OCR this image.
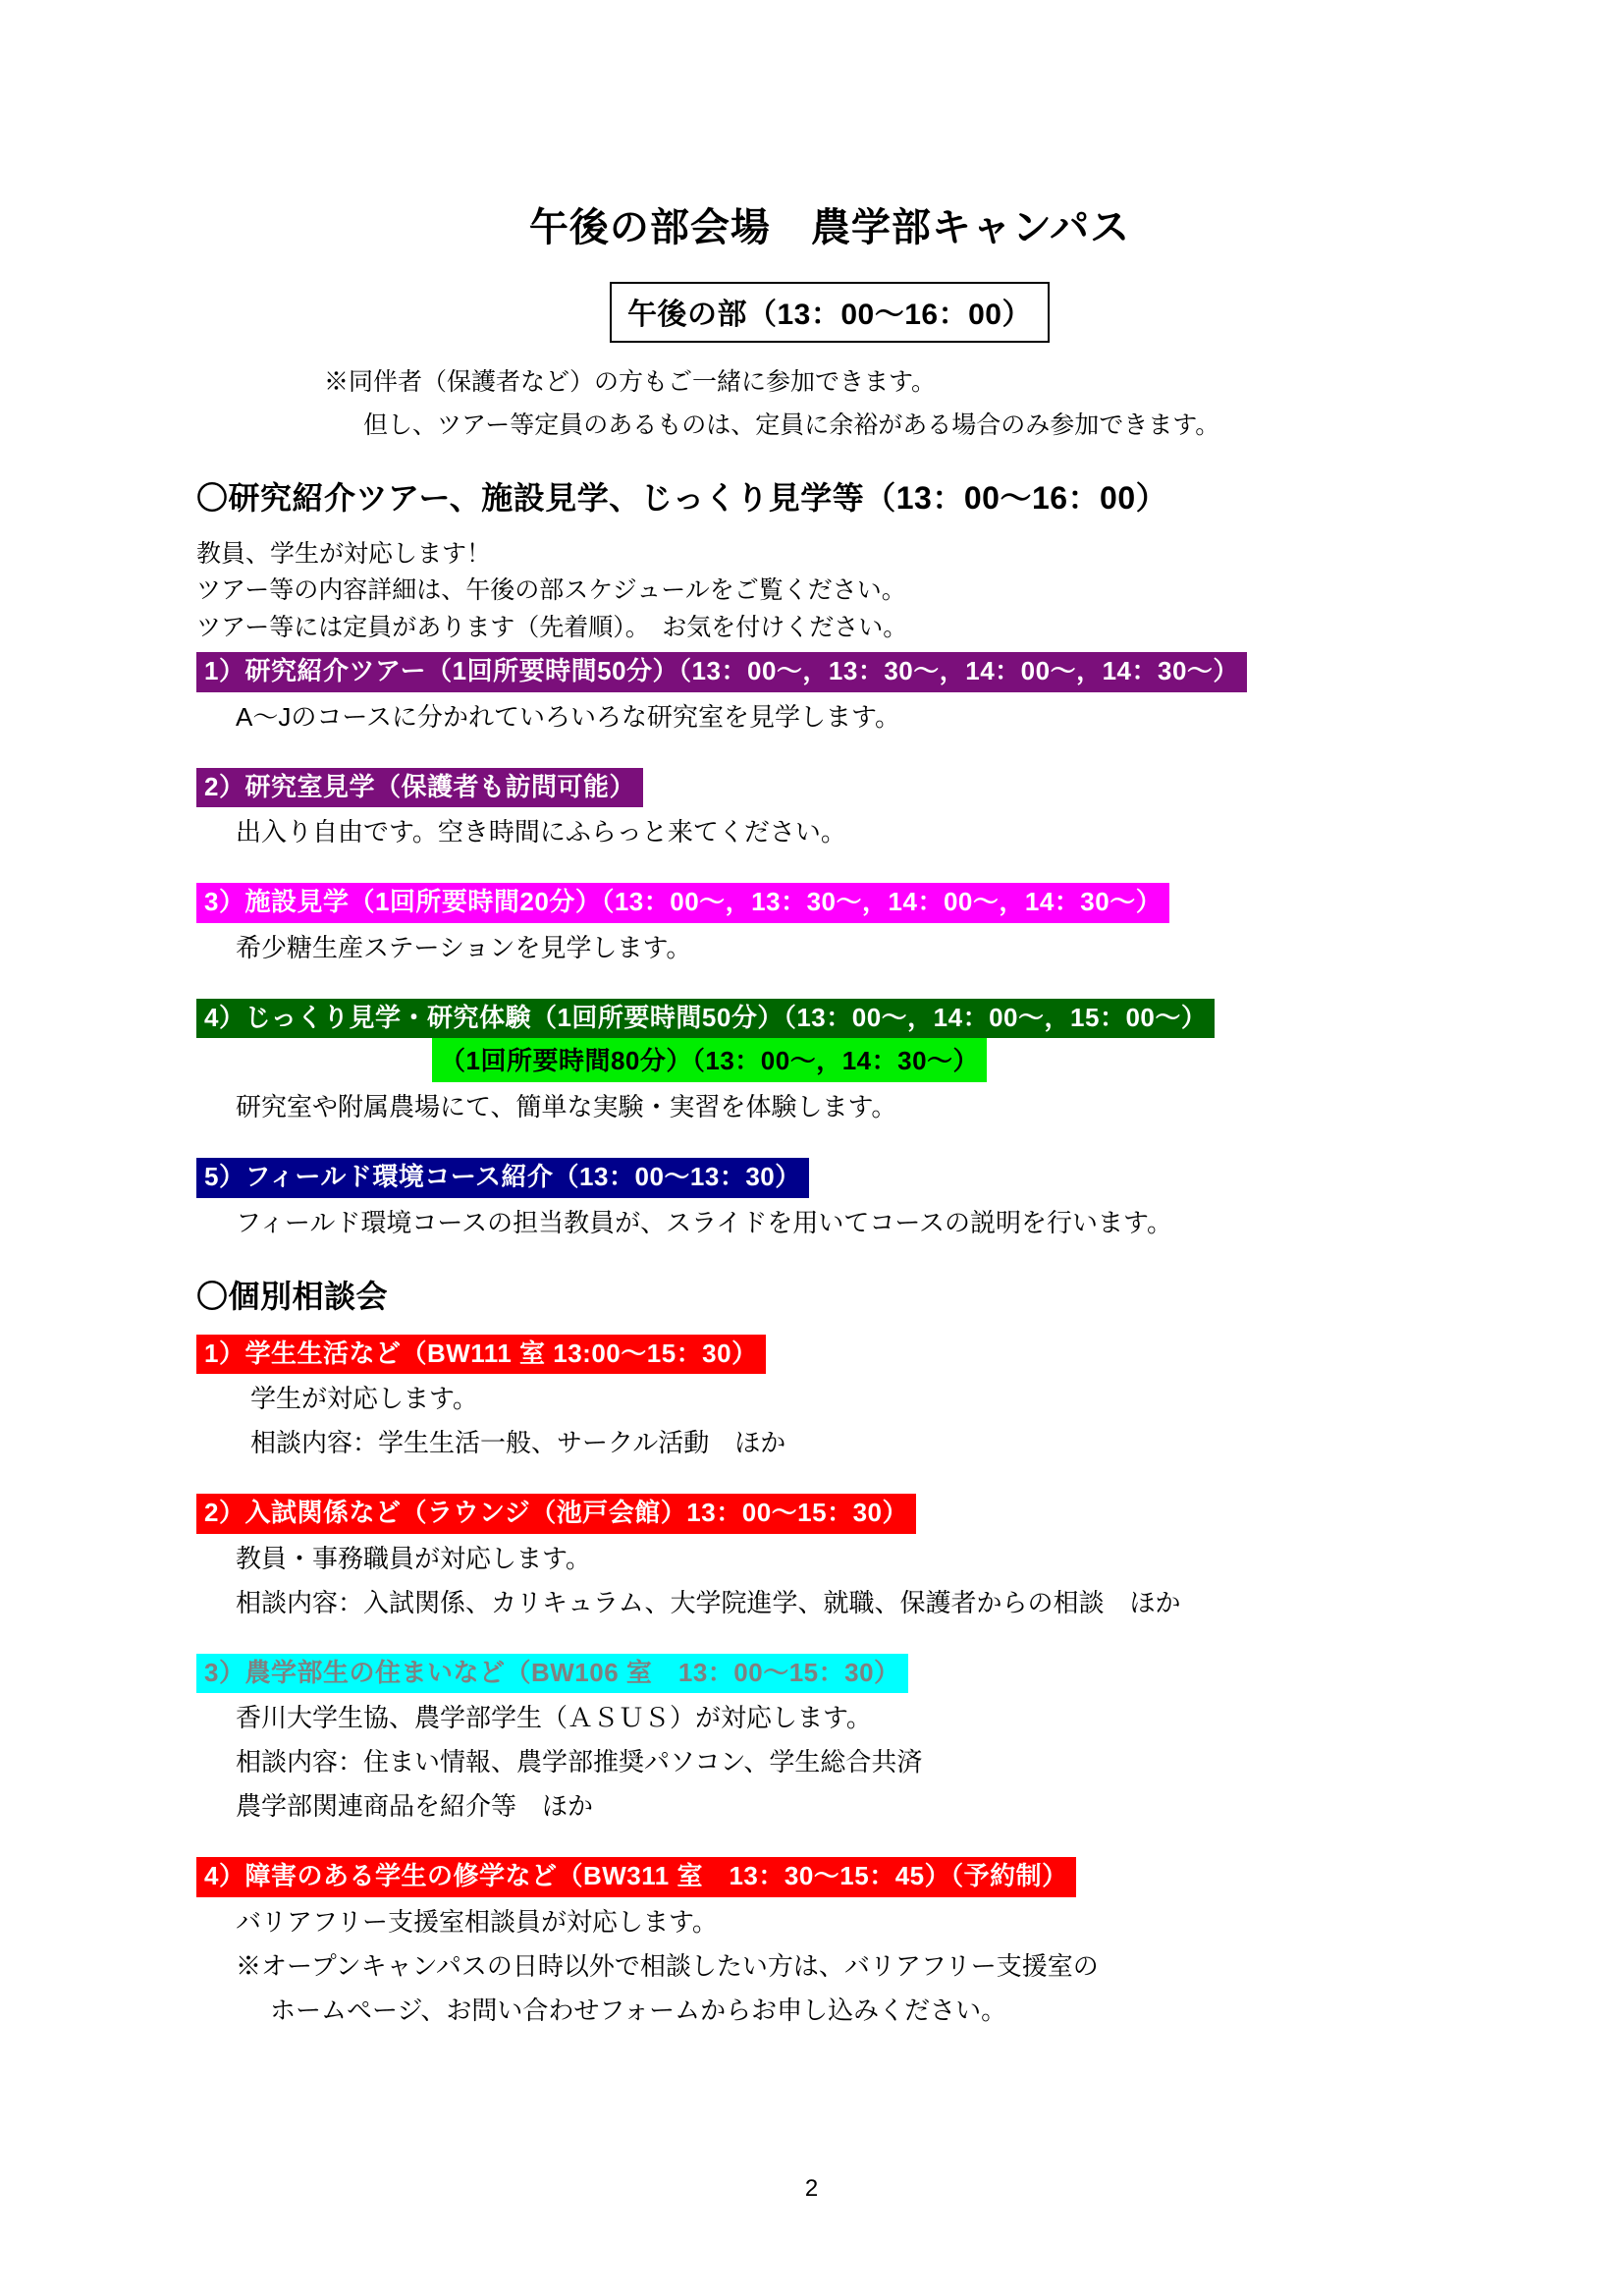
午後の部会場　農学部キャンパス
午後の部（13：00〜16：00）
※同伴者（保護者など）の方もご一緒に参加できます。
但し、ツアー等定員のあるものは、定員に余裕がある場合のみ参加できます。
〇研究紹介ツアー、施設見学、じっくり見学等（13：00〜16：00）
教員、学生が対応します！
ツアー等の内容詳細は、午後の部スケジュールをご覧ください。
ツアー等には定員があります（先着順）。　お気を付けください。
1）研究紹介ツアー（1回所要時間50分）（13：00〜，13：30〜，14：00〜，14：30〜）
A〜Jのコースに分かれていろいろな研究室を見学します。
2）研究室見学（保護者も訪問可能）
出入り自由です。空き時間にふらっと来てください。
3）施設見学（1回所要時間20分）（13：00〜，13：30〜，14：00〜，14：30〜）
希少糖生産ステーションを見学します。
4）じっくり見学・研究体験（1回所要時間50分）（13：00〜，14：00〜，15：00〜）
（1回所要時間80分）（13：00〜，14：30〜）
研究室や附属農場にて、簡単な実験・実習を体験します。
5）フィールド環境コース紹介（13：00〜13：30）
フィールド環境コースの担当教員が、スライドを用いてコースの説明を行います。
〇個別相談会
1）学生生活など（BW111 室 13:00〜15：30）
学生が対応します。
相談内容：学生生活一般、サークル活動　ほか
2）入試関係など（ラウンジ（池戸会館）13：00〜15：30）
教員・事務職員が対応します。
相談内容：入試関係、カリキュラム、大学院進学、就職、保護者からの相談　ほか
3）農学部生の住まいなど（BW106 室　13：00〜15：30）
香川大学生協、農学部学生（ＡＳＵＳ）が対応します。
相談内容：住まい情報、農学部推奨パソコン、学生総合共済
農学部関連商品を紹介等　ほか
4）障害のある学生の修学など（BW311 室　13：30〜15：45）（予約制）
バリアフリー支援室相談員が対応します。
※オープンキャンパスの日時以外で相談したい方は、バリアフリー支援室の
ホームページ、お問い合わせフォームからお申し込みください。
2
